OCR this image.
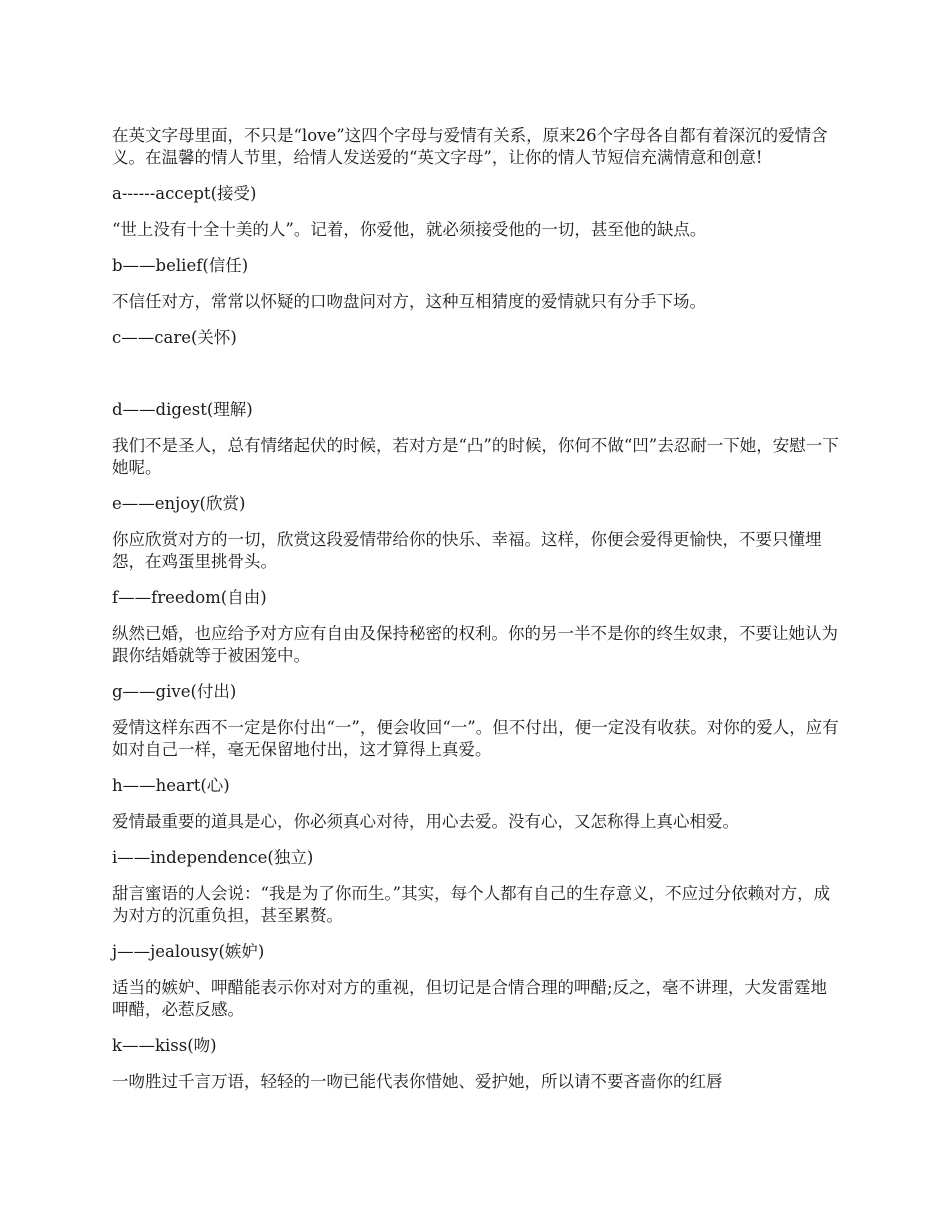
在英文字母里面，不只是“love”这四个字母与爱情有关系，原来26个字母各自都有着深沉的爱情含义。在温馨的情人节里，给情人发送爱的“英文字母”，让你的情人节短信充满情意和创意!

a------accept(接受)

“世上没有十全十美的人”。记着，你爱他，就必须接受他的一切，甚至他的缺点。

b——belief(信任)

不信任对方，常常以怀疑的口吻盘问对方，这种互相猜度的爱情就只有分手下场。

c——care(关怀)

d——digest(理解)

我们不是圣人，总有情绪起伏的时候，若对方是“凸”的时候，你何不做“凹”去忍耐一下她，安慰一下她呢。

e——enjoy(欣赏)

你应欣赏对方的一切，欣赏这段爱情带给你的快乐、幸福。这样，你便会爱得更愉快，不要只懂埋怨，在鸡蛋里挑骨头。

f——freedom(自由)

纵然已婚，也应给予对方应有自由及保持秘密的权利。你的另一半不是你的终生奴隶，不要让她认为跟你结婚就等于被困笼中。

g——give(付出)

爱情这样东西不一定是你付出“一”，便会收回“一”。但不付出，便一定没有收获。对你的爱人，应有如对自己一样，毫无保留地付出，这才算得上真爱。

h——heart(心)

爱情最重要的道具是心，你必须真心对待，用心去爱。没有心，又怎称得上真心相爱。

i——independence(独立)

甜言蜜语的人会说：“我是为了你而生。”其实，每个人都有自己的生存意义，不应过分依赖对方，成为对方的沉重负担，甚至累赘。

j——jealousy(嫉妒)

适当的嫉妒、呷醋能表示你对对方的重视，但切记是合情合理的呷醋;反之，毫不讲理，大发雷霆地呷醋，必惹反感。

k——kiss(吻)

一吻胜过千言万语，轻轻的一吻已能代表你惜她、爱护她，所以请不要吝啬你的红唇
